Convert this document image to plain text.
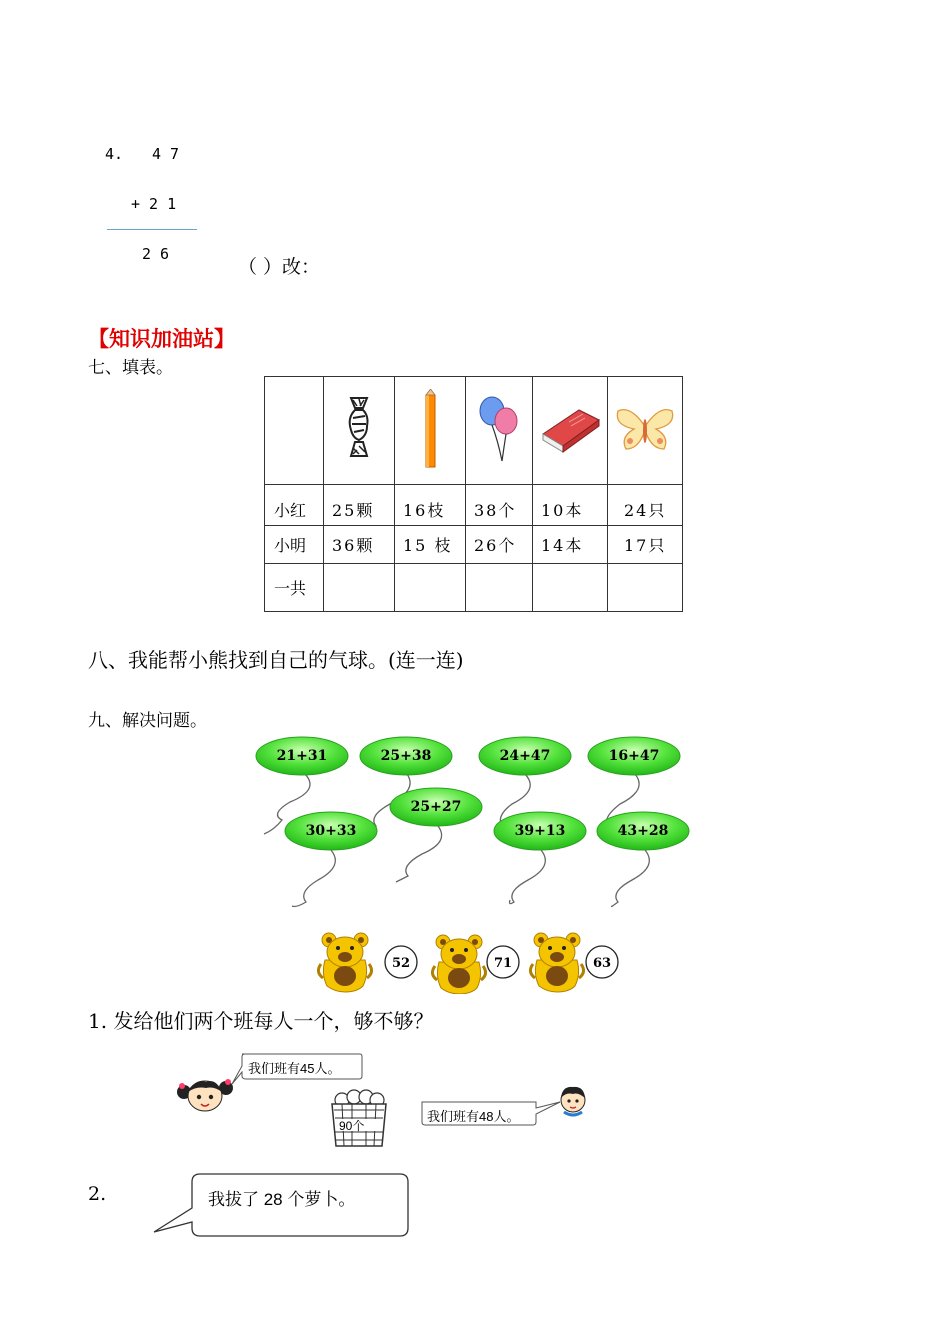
4. 4 7
+ 2 1
2 6
（ ）改：
【知识加油站】
七、填表。

小红	25颗	16枝	38个	10本	24只
小明	36颗	15 枝	26个	14本	17只
一共					
八、我能帮小熊找到自己的气球。(连一连)
九、解决问题。
21+31	25+38	24+47	16+47
25+27
30+33	39+13	43+28
52	71	63
1. 发给他们两个班每人一个，够不够？
我们班有45人。
90个
我们班有48人。
2.	我拔了 28 个萝卜。
